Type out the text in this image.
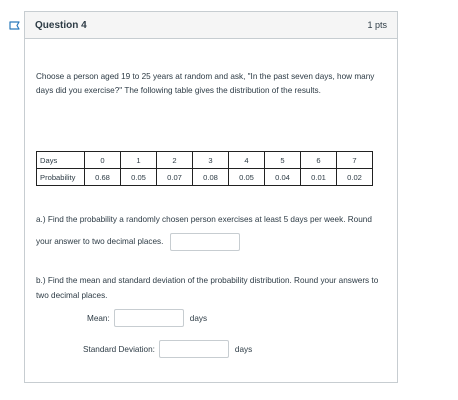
Question 4	1 pts
Choose a person aged 19 to 25 years at random and ask, "In the past seven days, how many days did you exercise?" The following table gives the distribution of the results.
Days	0	1	2	3	4	5	6	7
Probability	0.68	0.05	0.07	0.08	0.05	0.04	0.01	0.02
a.) Find the probability a randomly chosen person exercises at least 5 days per week. Round your answer to two decimal places.
b.) Find the mean and standard deviation of the probability distribution. Round your answers to two decimal places.
Mean:	days
Standard Deviation:	days
